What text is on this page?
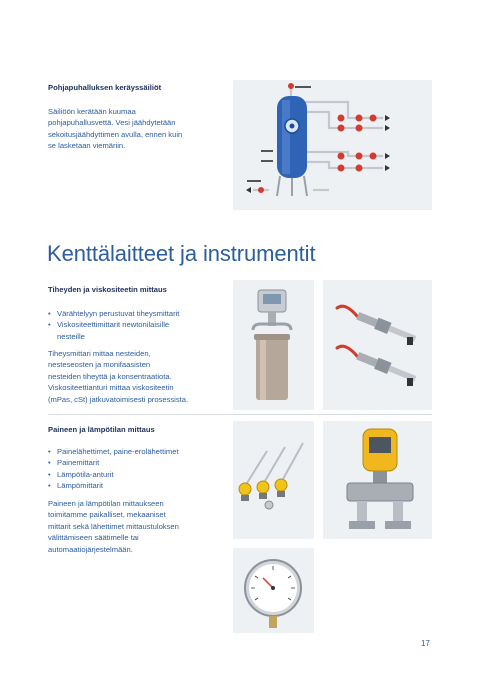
Pohjapuhalluksen keräyssäiliöt
Säiliöön kerätään kuumaa
pohjapuhallusvettä. Vesi jäähdytetään
sekoitusjäähdyttimen avulla, ennen kuin
se lasketaan viemäriin.
Kenttälaitteet ja instrumentit
Tiheyden ja viskositeetin mittaus
• Värähtelyyn perustuvat tiheysmittarit
• Viskositeettimittarit newtonilaisille
nesteille
Tiheysmittari mittaa nesteiden,
nesteseosten ja monifaasisten
nesteiden tiheyttä ja konsentraatiota.
Viskositeettianturi mittaa viskositeetin
(mPas, cSt) jatkuvatoimisesti prosessista.
Paineen ja lämpötilan mittaus
• Painelähettimet, paine-erolähettimet
• Painemittarit
• Lämpötila-anturit
• Lämpömittarit
Paineen ja lämpötilan mittaukseen
toimitamme paikalliset, mekaaniset
mittarit sekä lähettimet mittaustuloksen
välittämiseen säätimelle tai
automaatiojärjestelmään.
17
